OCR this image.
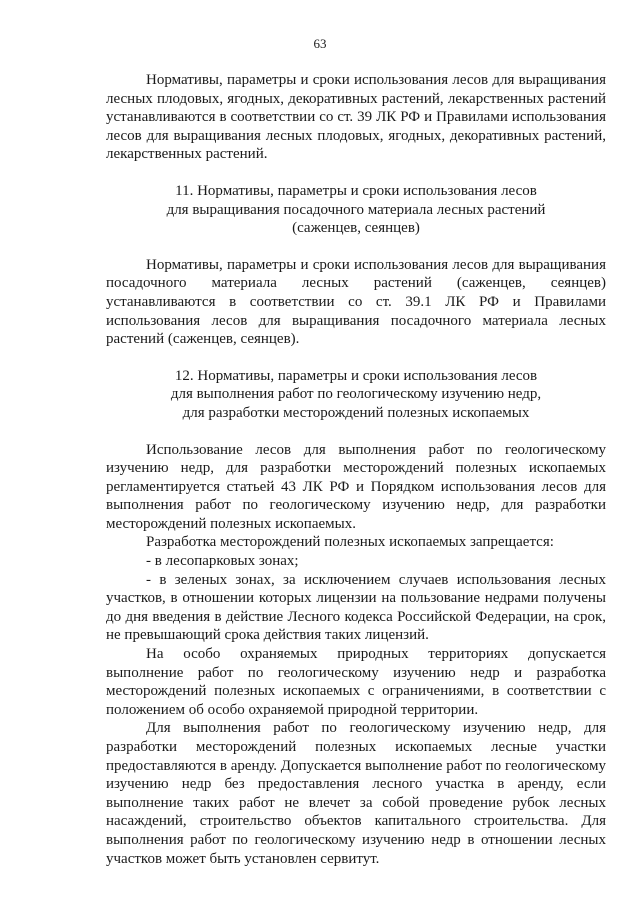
63

Нормативы, параметры и сроки использования лесов для выращивания лесных плодовых, ягодных, декоративных растений, лекарственных растений устанавливаются в соответствии со ст. 39 ЛК РФ и Правилами использования лесов для выращивания лесных плодовых, ягодных, декоративных растений, лекарственных растений.

11. Нормативы, параметры и сроки использования лесов
для выращивания посадочного материала лесных растений
(саженцев, сеянцев)

Нормативы, параметры и сроки использования лесов для выращивания посадочного материала лесных растений (саженцев, сеянцев) устанавливаются в соответствии со ст. 39.1 ЛК РФ и Правилами использования лесов для выращивания посадочного материала лесных растений (саженцев, сеянцев).

12. Нормативы, параметры и сроки использования лесов
для выполнения работ по геологическому изучению недр,
для разработки месторождений полезных ископаемых

Использование лесов для выполнения работ по геологическому изучению недр, для разработки месторождений полезных ископаемых регламентируется статьей 43 ЛК РФ и Порядком использования лесов для выполнения работ по геологическому изучению недр, для разработки месторождений полезных ископаемых.

Разработка месторождений полезных ископаемых запрещается:

- в лесопарковых зонах;

- в зеленых зонах, за исключением случаев использования лесных участков, в отношении которых лицензии на пользование недрами получены до дня введения в действие Лесного кодекса Российской Федерации, на срок, не превышающий срока действия таких лицензий.

На особо охраняемых природных территориях допускается выполнение работ по геологическому изучению недр и разработка месторождений полезных ископаемых с ограничениями, в соответствии с положением об особо охраняемой природной территории.

Для выполнения работ по геологическому изучению недр, для разработки месторождений полезных ископаемых лесные участки предоставляются в аренду. Допускается выполнение работ по геологическому изучению недр без предоставления лесного участка в аренду, если выполнение таких работ не влечет за собой проведение рубок лесных насаждений, строительство объектов капитального строительства. Для выполнения работ по геологическому изучению недр в отношении лесных участков может быть установлен сервитут.
